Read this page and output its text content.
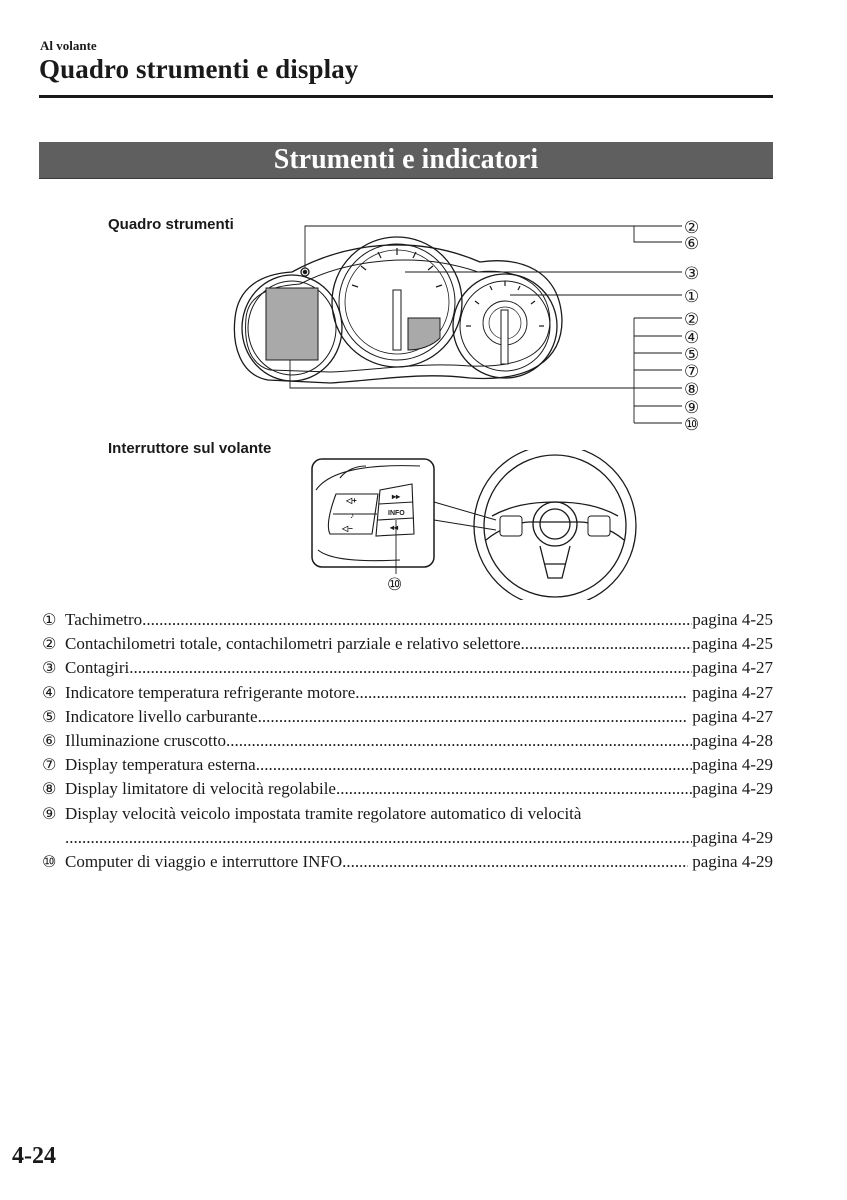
Al volante
Quadro strumenti e display
Strumenti e indicatori
Quadro strumenti	②
⑥
③
①
②
④
⑤
⑦
⑧
⑨
⑩
Interruttore sul volante
◁+
♪
◁−
▸▸
INFO
◂◂
⑩
① Tachimetro .....	pagina 4-25
② Contachilometri totale, contachilometri parziale e relativo selettore .....	pagina 4-25
③ Contagiri .....	pagina 4-27
④ Indicatore temperatura refrigerante motore .....	pagina 4-27
⑤ Indicatore livello carburante .....	pagina 4-27
⑥ Illuminazione cruscotto .....	pagina 4-28
⑦ Display temperatura esterna .....	pagina 4-29
⑧ Display limitatore di velocità regolabile .....	pagina 4-29
⑨ Display velocità veicolo impostata tramite regolatore automatico di velocità
.....
pagina 4-29
⑩ Computer di viaggio e interruttore INFO .....	pagina 4-29
4-24
